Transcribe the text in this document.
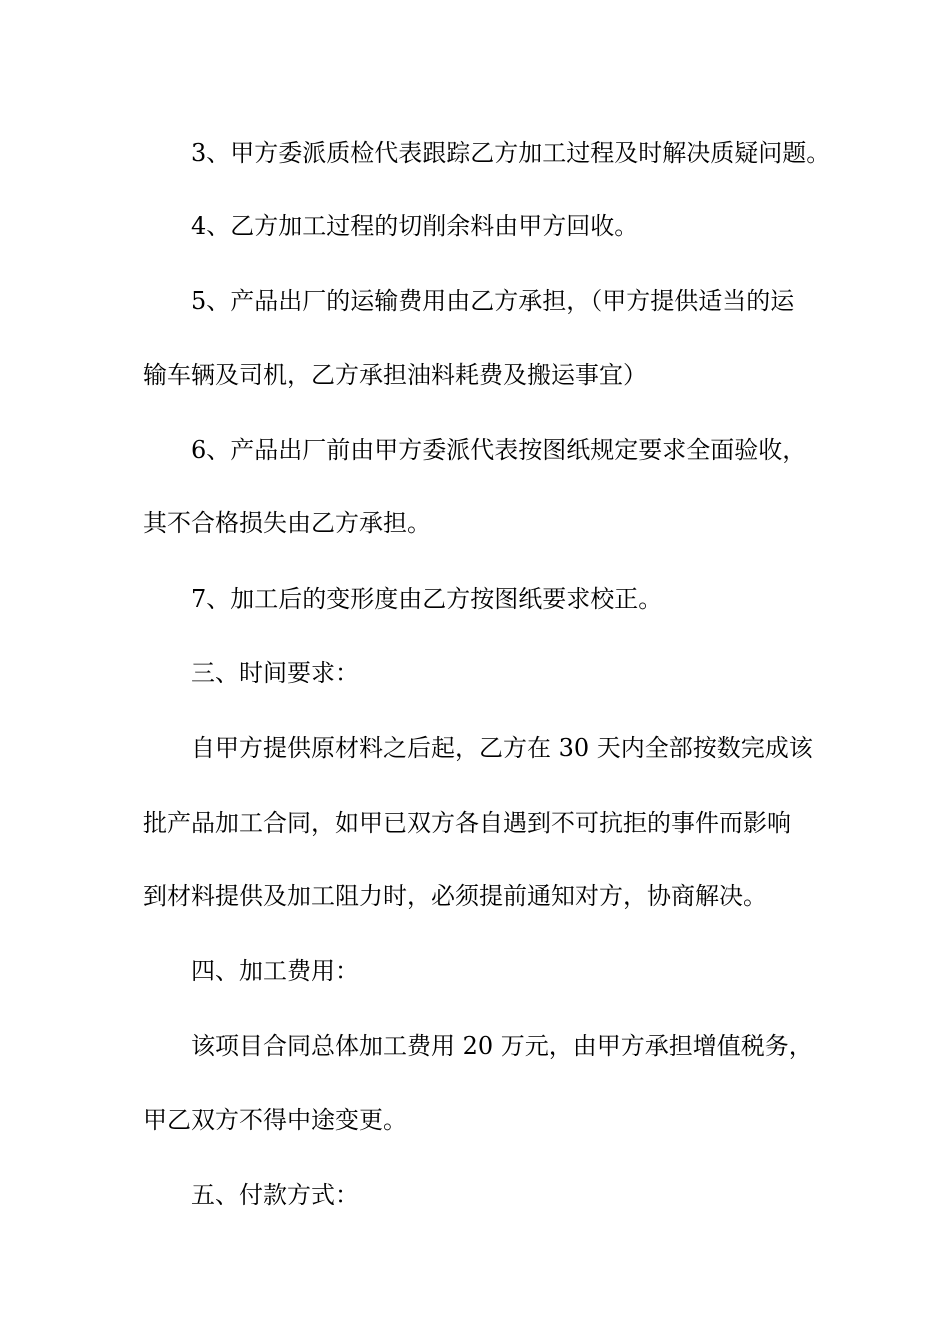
3、甲方委派质检代表跟踪乙方加工过程及时解决质疑问题。
4、乙方加工过程的切削余料由甲方回收。
5、产品出厂的运输费用由乙方承担，（甲方提供适当的运
输车辆及司机，乙方承担油料耗费及搬运事宜）
6、产品出厂前由甲方委派代表按图纸规定要求全面验收，
其不合格损失由乙方承担。
7、加工后的变形度由乙方按图纸要求校正。
三、时间要求：
自甲方提供原材料之后起，乙方在 30 天内全部按数完成该
批产品加工合同，如甲已双方各自遇到不可抗拒的事件而影响
到材料提供及加工阻力时，必须提前通知对方，协商解决。
四、加工费用：
该项目合同总体加工费用 20 万元，由甲方承担增值税务，
甲乙双方不得中途变更。
五、付款方式：
